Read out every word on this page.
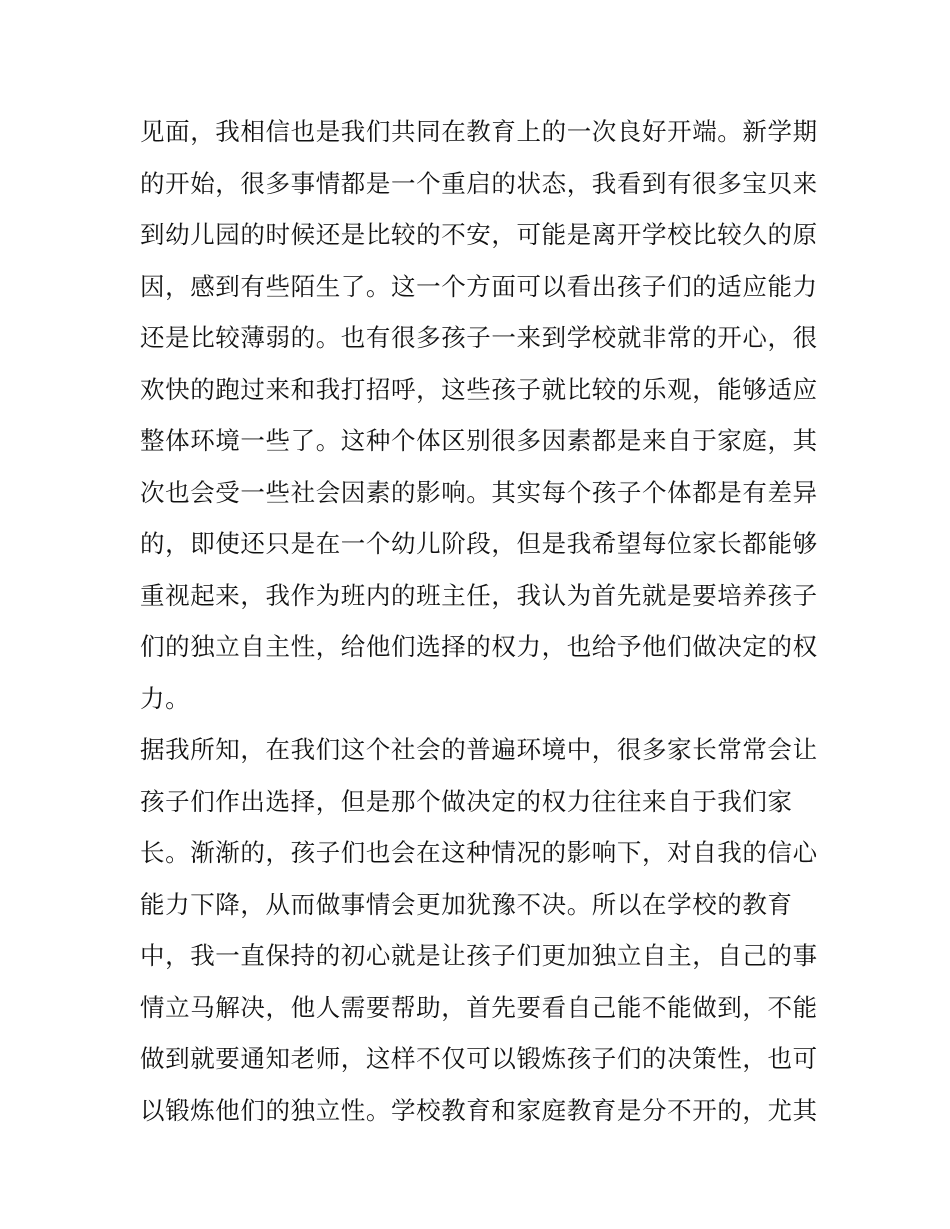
见面，我相信也是我们共同在教育上的一次良好开端。新学期
的开始，很多事情都是一个重启的状态，我看到有很多宝贝来
到幼儿园的时候还是比较的不安，可能是离开学校比较久的原
因，感到有些陌生了。这一个方面可以看出孩子们的适应能力
还是比较薄弱的。也有很多孩子一来到学校就非常的开心，很
欢快的跑过来和我打招呼，这些孩子就比较的乐观，能够适应
整体环境一些了。这种个体区别很多因素都是来自于家庭，其
次也会受一些社会因素的影响。其实每个孩子个体都是有差异
的，即使还只是在一个幼儿阶段，但是我希望每位家长都能够
重视起来，我作为班内的班主任，我认为首先就是要培养孩子
们的独立自主性，给他们选择的权力，也给予他们做决定的权
力。
据我所知，在我们这个社会的普遍环境中，很多家长常常会让
孩子们作出选择，但是那个做决定的权力往往来自于我们家
长。渐渐的，孩子们也会在这种情况的影响下，对自我的信心
能力下降，从而做事情会更加犹豫不决。所以在学校的教育
中，我一直保持的初心就是让孩子们更加独立自主，自己的事
情立马解决，他人需要帮助，首先要看自己能不能做到，不能
做到就要通知老师，这样不仅可以锻炼孩子们的决策性，也可
以锻炼他们的独立性。学校教育和家庭教育是分不开的，尤其
